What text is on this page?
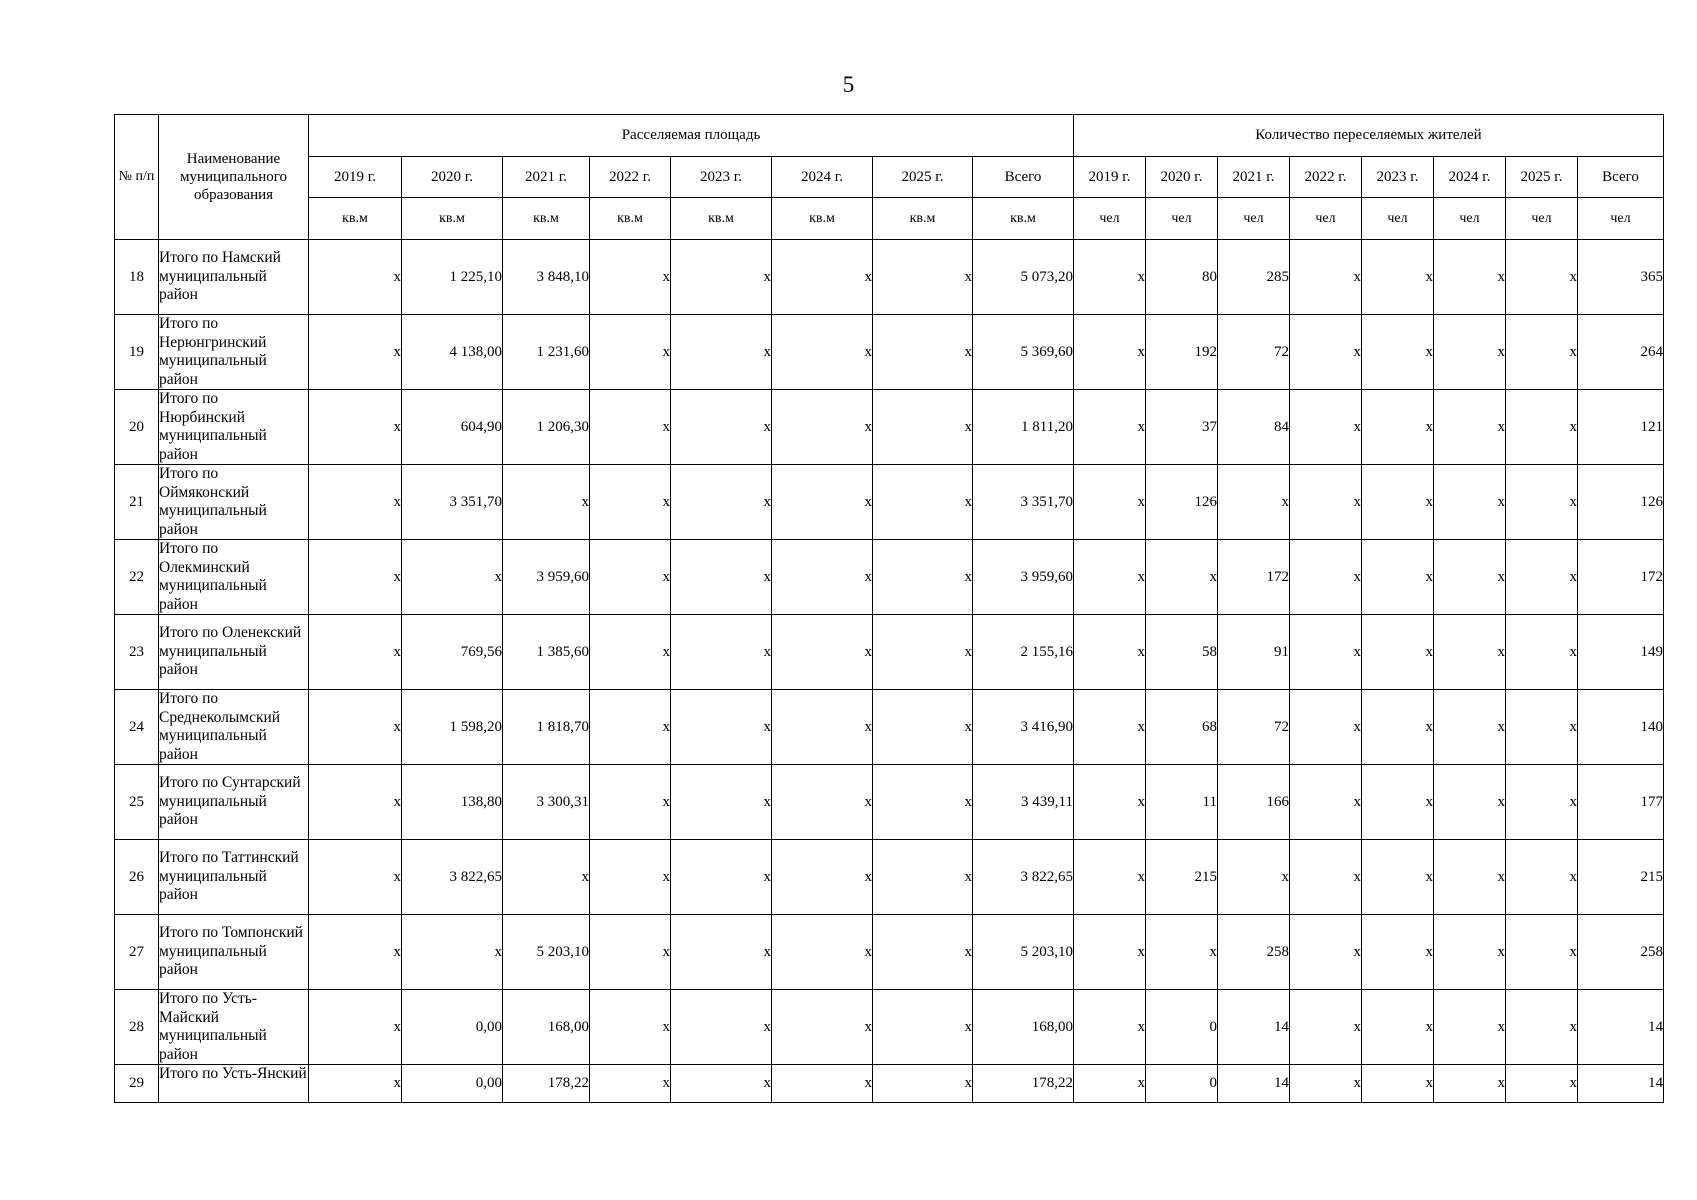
5
№ п/п	Наименование муниципального образования	Расселяемая площадь								Количество переселяемых жителей							
		2019 г.	2020 г.	2021 г.	2022 г.	2023 г.	2024 г.	2025 г.	Всего	2019 г.	2020 г.	2021 г.	2022 г.	2023 г.	2024 г.	2025 г.	Всего
		кв.м	кв.м	кв.м	кв.м	кв.м	кв.м	кв.м	кв.м	чел	чел	чел	чел	чел	чел	чел	чел
18	Итого по Намский муниципальный район	x	1 225,10	3 848,10	x	x	x	x	5 073,20	x	80	285	x	x	x	x	365
19	Итого по Нерюнгринский муниципальный район	x	4 138,00	1 231,60	x	x	x	x	5 369,60	x	192	72	x	x	x	x	264
20	Итого по Нюрбинский муниципальный район	x	604,90	1 206,30	x	x	x	x	1 811,20	x	37	84	x	x	x	x	121
21	Итого по Оймяконский муниципальный район	x	3 351,70	x	x	x	x	x	3 351,70	x	126	x	x	x	x	x	126
22	Итого по Олекминский муниципальный район	x	x	3 959,60	x	x	x	x	3 959,60	x	x	172	x	x	x	x	172
23	Итого по Оленекский муниципальный район	x	769,56	1 385,60	x	x	x	x	2 155,16	x	58	91	x	x	x	x	149
24	Итого по Среднеколымский муниципальный район	x	1 598,20	1 818,70	x	x	x	x	3 416,90	x	68	72	x	x	x	x	140
25	Итого по Сунтарский муниципальный район	x	138,80	3 300,31	x	x	x	x	3 439,11	x	11	166	x	x	x	x	177
26	Итого по Таттинский муниципальный район	x	3 822,65	x	x	x	x	x	3 822,65	x	215	x	x	x	x	x	215
27	Итого по Томпонский муниципальный район	x	x	5 203,10	x	x	x	x	5 203,10	x	x	258	x	x	x	x	258
28	Итого по Усть-Майский муниципальный район	x	0,00	168,00	x	x	x	x	168,00	x	0	14	x	x	x	x	14
29	Итого по Усть-Янский	x	0,00	178,22	x	x	x	x	178,22	x	0	14	x	x	x	x	14
